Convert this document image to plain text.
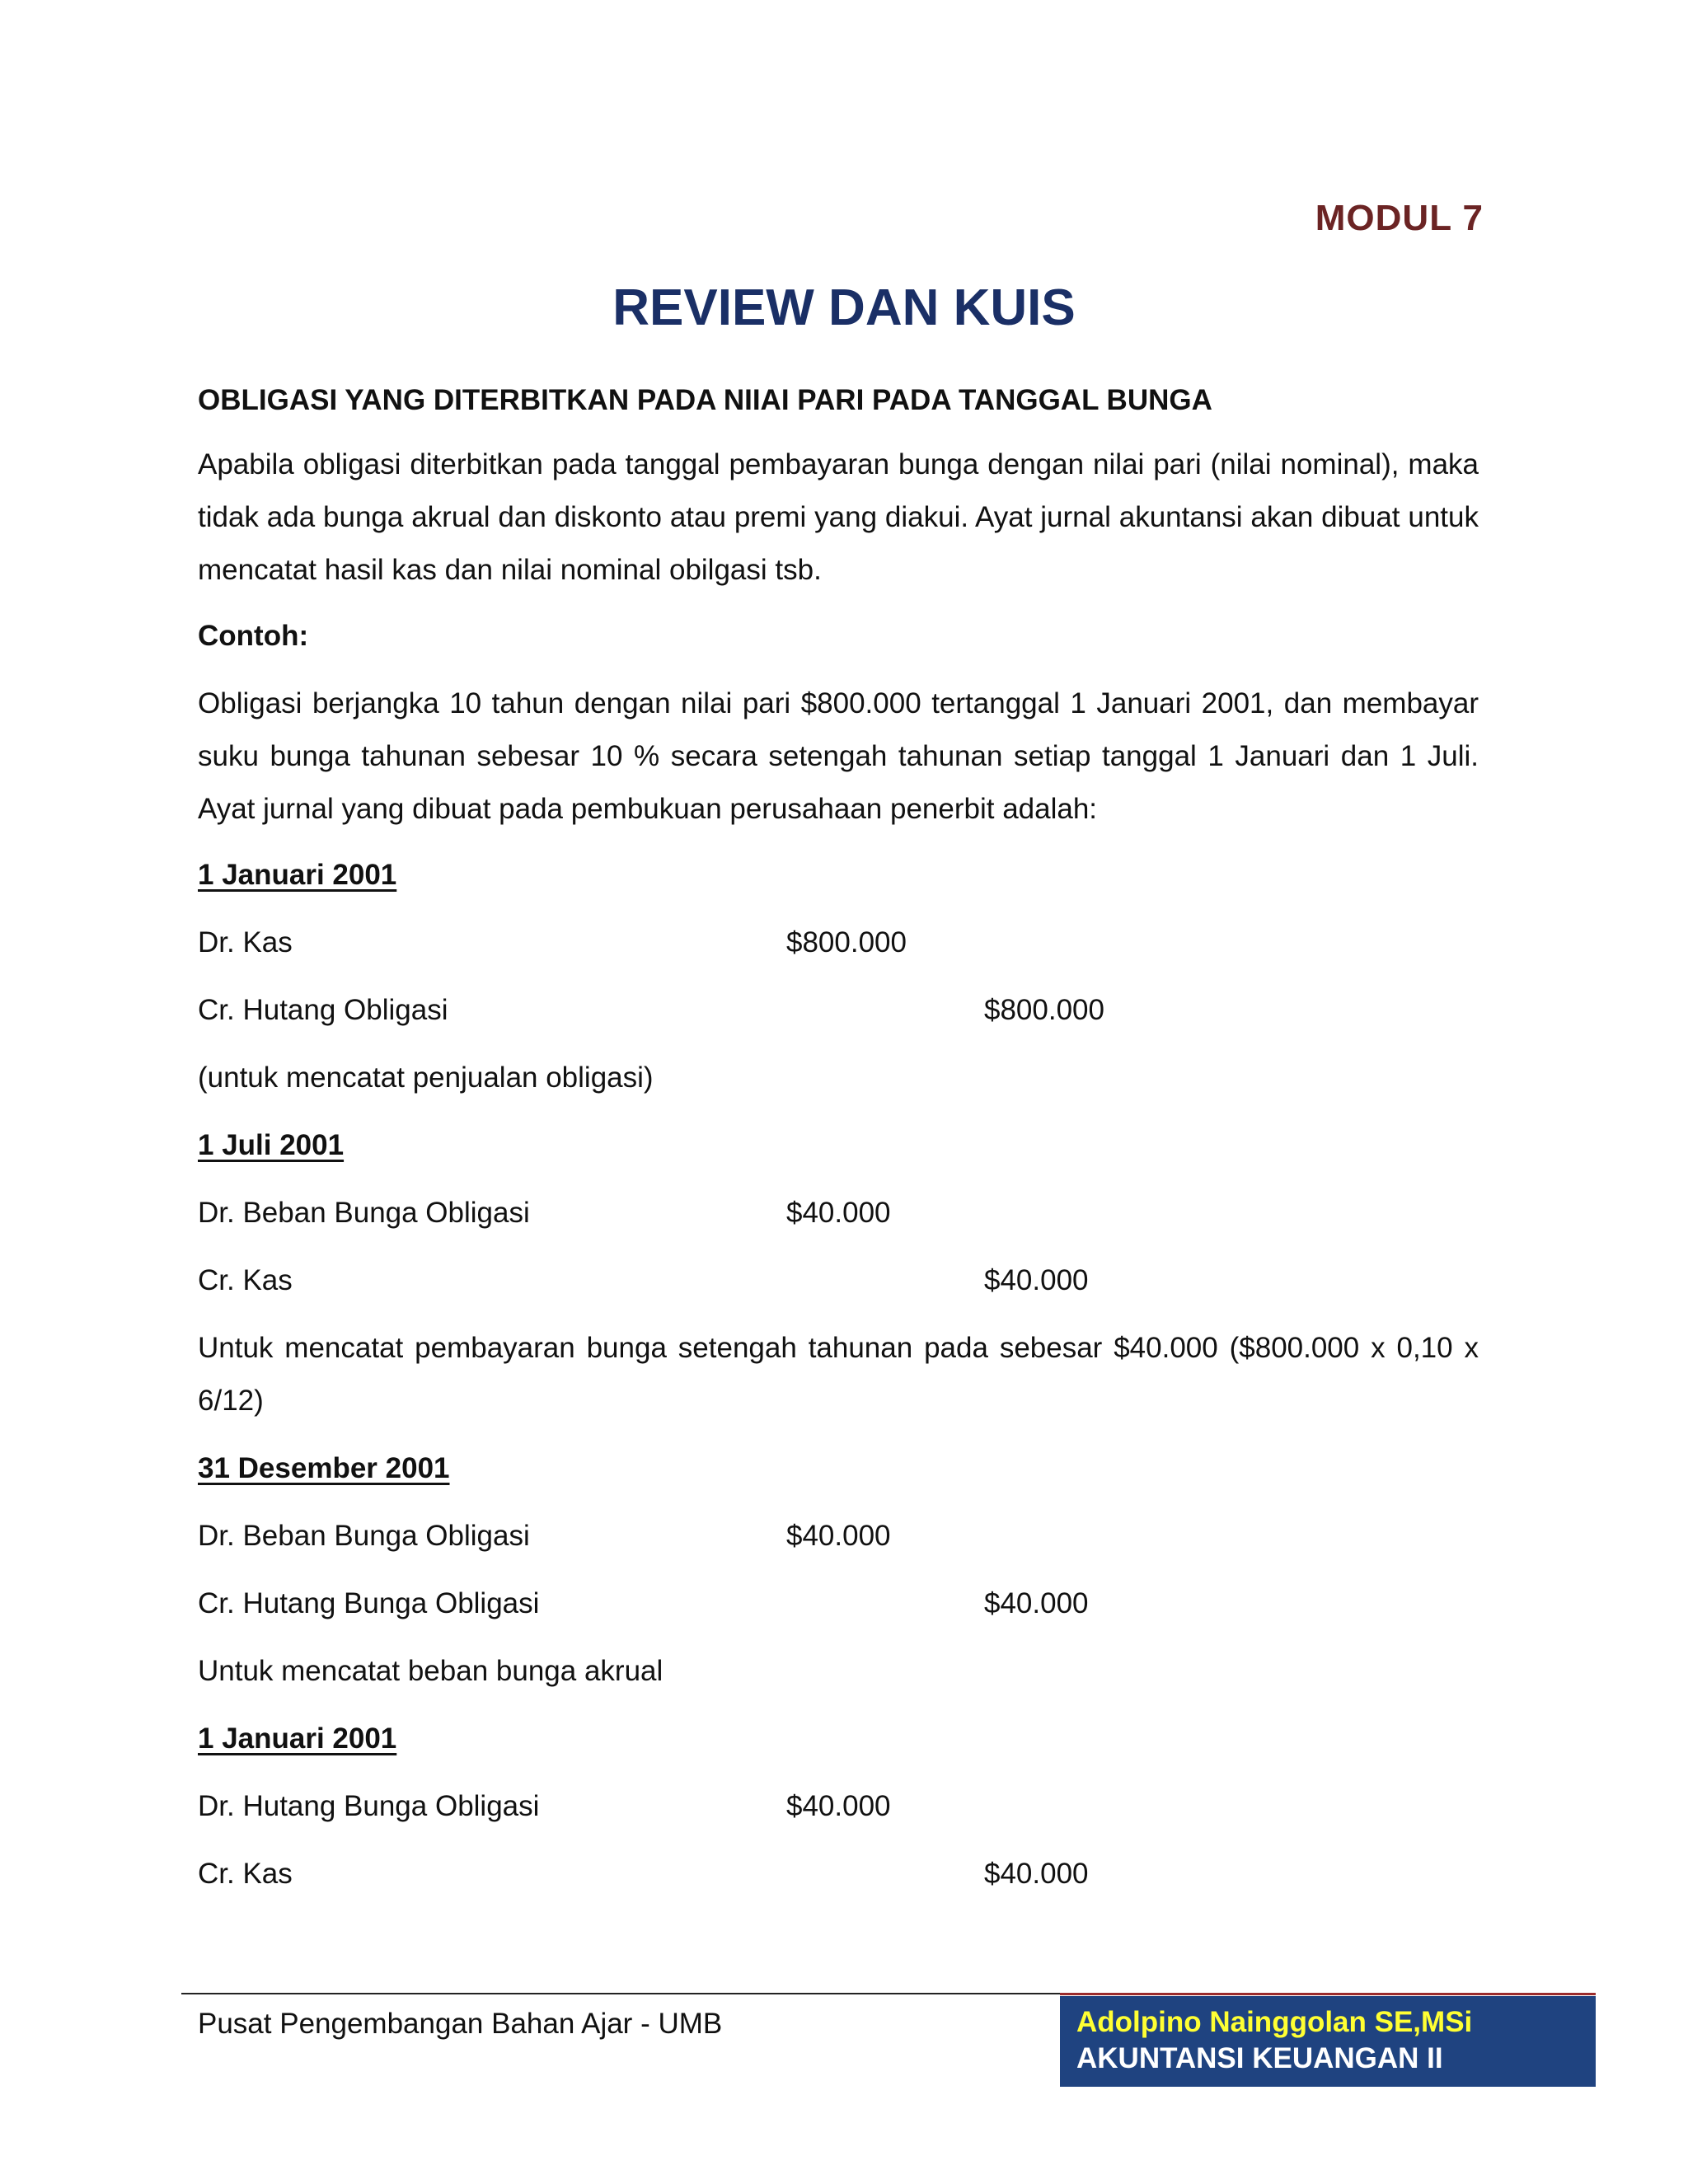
MODUL 7
REVIEW DAN KUIS
OBLIGASI YANG DITERBITKAN PADA NIIAI PARI PADA TANGGAL BUNGA
Apabila obligasi diterbitkan pada tanggal pembayaran bunga dengan nilai pari (nilai nominal), maka tidak ada bunga akrual dan diskonto atau premi yang diakui. Ayat jurnal akuntansi akan dibuat untuk mencatat hasil kas dan nilai nominal obilgasi tsb.
Contoh:
Obligasi berjangka 10 tahun dengan nilai pari $800.000 tertanggal 1 Januari 2001, dan membayar suku bunga tahunan sebesar 10 % secara setengah tahunan setiap tanggal 1 Januari dan 1 Juli. Ayat jurnal yang dibuat pada pembukuan perusahaan penerbit adalah:
1 Januari 2001
Dr. Kas	$800.000
Cr. Hutang Obligasi	$800.000
(untuk mencatat penjualan obligasi)
1 Juli 2001
Dr. Beban Bunga Obligasi	$40.000
Cr. Kas	$40.000
Untuk mencatat pembayaran bunga setengah tahunan pada sebesar $40.000 ($800.000 x 0,10 x 6/12)
31 Desember 2001
Dr. Beban Bunga Obligasi	$40.000
Cr. Hutang Bunga Obligasi	$40.000
Untuk mencatat beban bunga akrual
1 Januari 2001
Dr. Hutang Bunga Obligasi	$40.000
Cr. Kas	$40.000
Pusat Pengembangan Bahan Ajar - UMB	Adolpino Nainggolan SE,MSi
AKUNTANSI KEUANGAN II
